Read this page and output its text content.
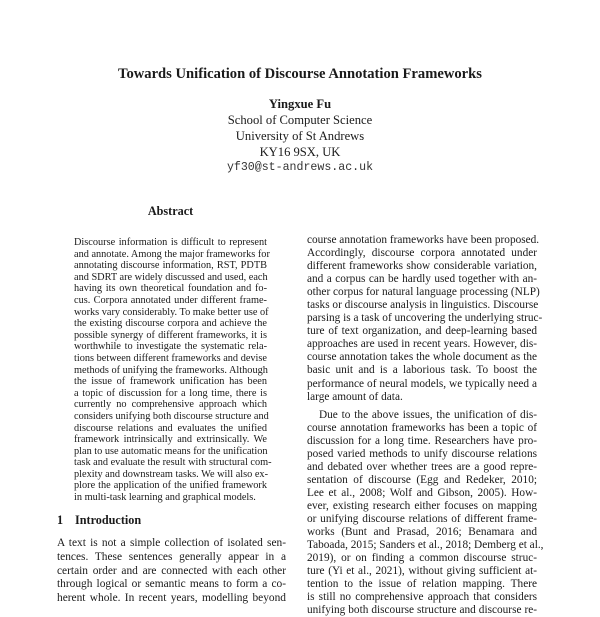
Towards Unification of Discourse Annotation Frameworks
Yingxue Fu
School of Computer Science
University of St Andrews
KY16 9SX, UK
yf30@st-andrews.ac.uk
Abstract
Discourse information is difficult to represent
and annotate. Among the major frameworks for
annotating discourse information, RST, PDTB
and SDRT are widely discussed and used, each
having its own theoretical foundation and fo-
cus. Corpora annotated under different frame-
works vary considerably. To make better use of
the existing discourse corpora and achieve the
possible synergy of different frameworks, it is
worthwhile to investigate the systematic rela-
tions between different frameworks and devise
methods of unifying the frameworks. Although
the issue of framework unification has been
a topic of discussion for a long time, there is
currently no comprehensive approach which
considers unifying both discourse structure and
discourse relations and evaluates the unified
framework intrinsically and extrinsically. We
plan to use automatic means for the unification
task and evaluate the result with structural com-
plexity and downstream tasks. We will also ex-
plore the application of the unified framework
in multi-task learning and graphical models.
1 Introduction
A text is not a simple collection of isolated sen-
tences. These sentences generally appear in a
certain order and are connected with each other
through logical or semantic means to form a co-
herent whole. In recent years, modelling beyond
course annotation frameworks have been proposed.
Accordingly, discourse corpora annotated under
different frameworks show considerable variation,
and a corpus can be hardly used together with an-
other corpus for natural language processing (NLP)
tasks or discourse analysis in linguistics. Discourse
parsing is a task of uncovering the underlying struc-
ture of text organization, and deep-learning based
approaches are used in recent years. However, dis-
course annotation takes the whole document as the
basic unit and is a laborious task. To boost the
performance of neural models, we typically need a
large amount of data.
Due to the above issues, the unification of dis-
course annotation frameworks has been a topic of
discussion for a long time. Researchers have pro-
posed varied methods to unify discourse relations
and debated over whether trees are a good repre-
sentation of discourse (Egg and Redeker, 2010;
Lee et al., 2008; Wolf and Gibson, 2005). How-
ever, existing research either focuses on mapping
or unifying discourse relations of different frame-
works (Bunt and Prasad, 2016; Benamara and
Taboada, 2015; Sanders et al., 2018; Demberg et al.,
2019), or on finding a common discourse struc-
ture (Yi et al., 2021), without giving sufficient at-
tention to the issue of relation mapping. There
is still no comprehensive approach that considers
unifying both discourse structure and discourse re-
